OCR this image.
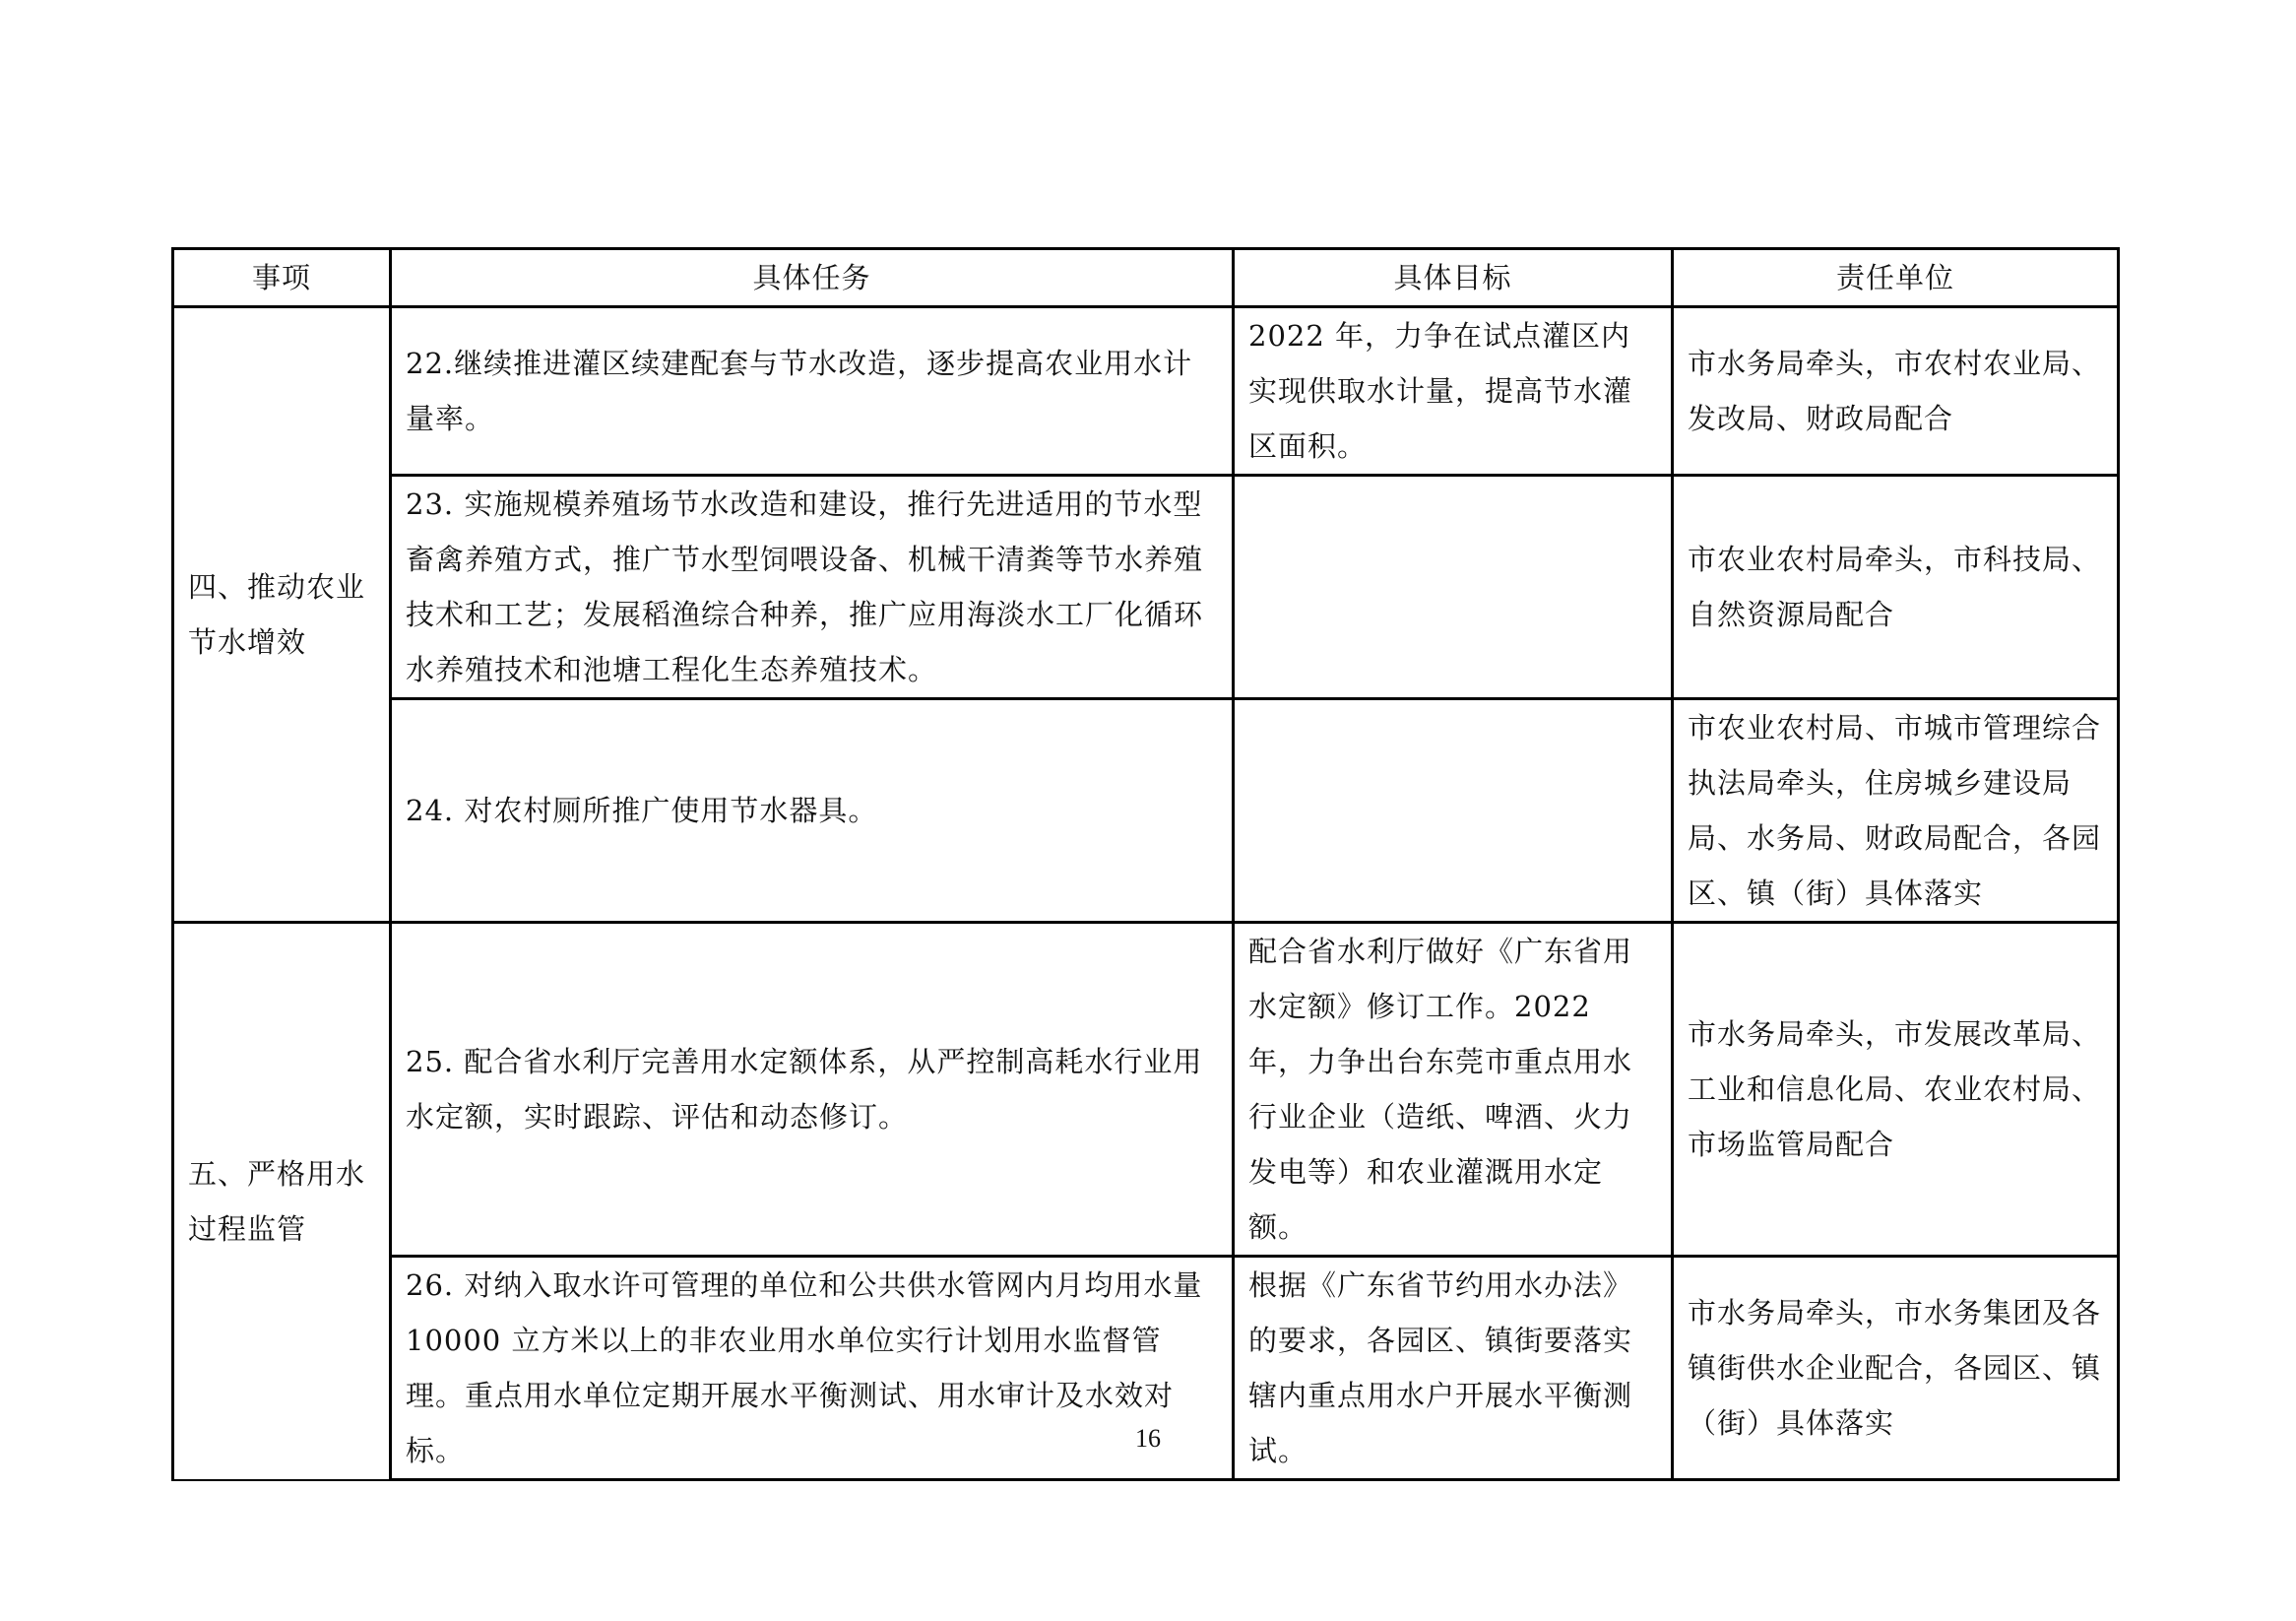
事项	具体任务	具体目标	责任单位
四、推动农业节水增效	22.继续推进灌区续建配套与节水改造，逐步提高农业用水计量率。	2022 年，力争在试点灌区内实现供取水计量，提高节水灌区面积。	市水务局牵头，市农村农业局、发改局、财政局配合
	23. 实施规模养殖场节水改造和建设，推行先进适用的节水型畜禽养殖方式，推广节水型饲喂设备、机械干清粪等节水养殖技术和工艺；发展稻渔综合种养，推广应用海淡水工厂化循环水养殖技术和池塘工程化生态养殖技术。		市农业农村局牵头，市科技局、自然资源局配合
	24. 对农村厕所推广使用节水器具。		市农业农村局、市城市管理综合执法局牵头，住房城乡建设局局、水务局、财政局配合，各园区、镇（街）具体落实
五、严格用水过程监管	25. 配合省水利厅完善用水定额体系，从严控制高耗水行业用水定额，实时跟踪、评估和动态修订。	配合省水利厅做好《广东省用水定额》修订工作。2022 年，力争出台东莞市重点用水行业企业（造纸、啤酒、火力发电等）和农业灌溉用水定额。	市水务局牵头，市发展改革局、工业和信息化局、农业农村局、市场监管局配合
	26. 对纳入取水许可管理的单位和公共供水管网内月均用水量10000 立方米以上的非农业用水单位实行计划用水监督管理。重点用水单位定期开展水平衡测试、用水审计及水效对标。	根据《广东省节约用水办法》的要求，各园区、镇街要落实辖内重点用水户开展水平衡测试。	市水务局牵头，市水务集团及各镇街供水企业配合，各园区、镇（街）具体落实
16
